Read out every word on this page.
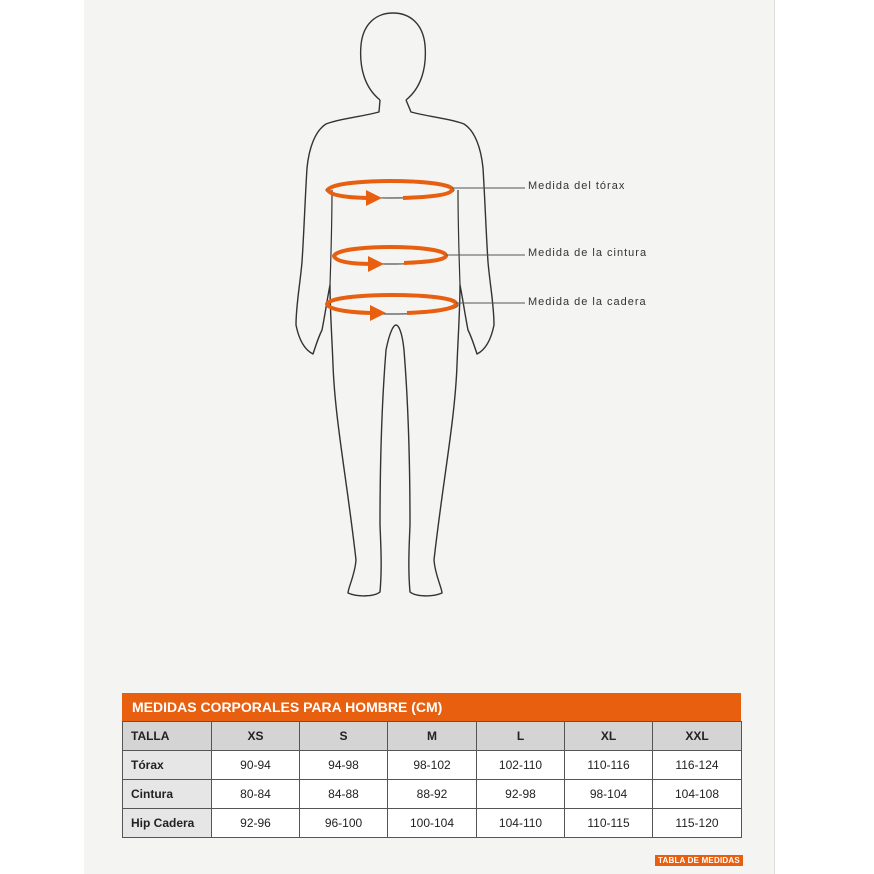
Medida del tórax
Medida de la cintura
Medida de la cadera
MEDIDAS CORPORALES PARA HOMBRE (CM)
TALLA	XS	S	M	L	XL	XXL
Tórax	90-94	94-98	98-102	102-110	110-116	116-124
Cintura	80-84	84-88	88-92	92-98	98-104	104-108
Hip Cadera	92-96	96-100	100-104	104-110	110-115	115-120
TABLA DE MEDIDAS
